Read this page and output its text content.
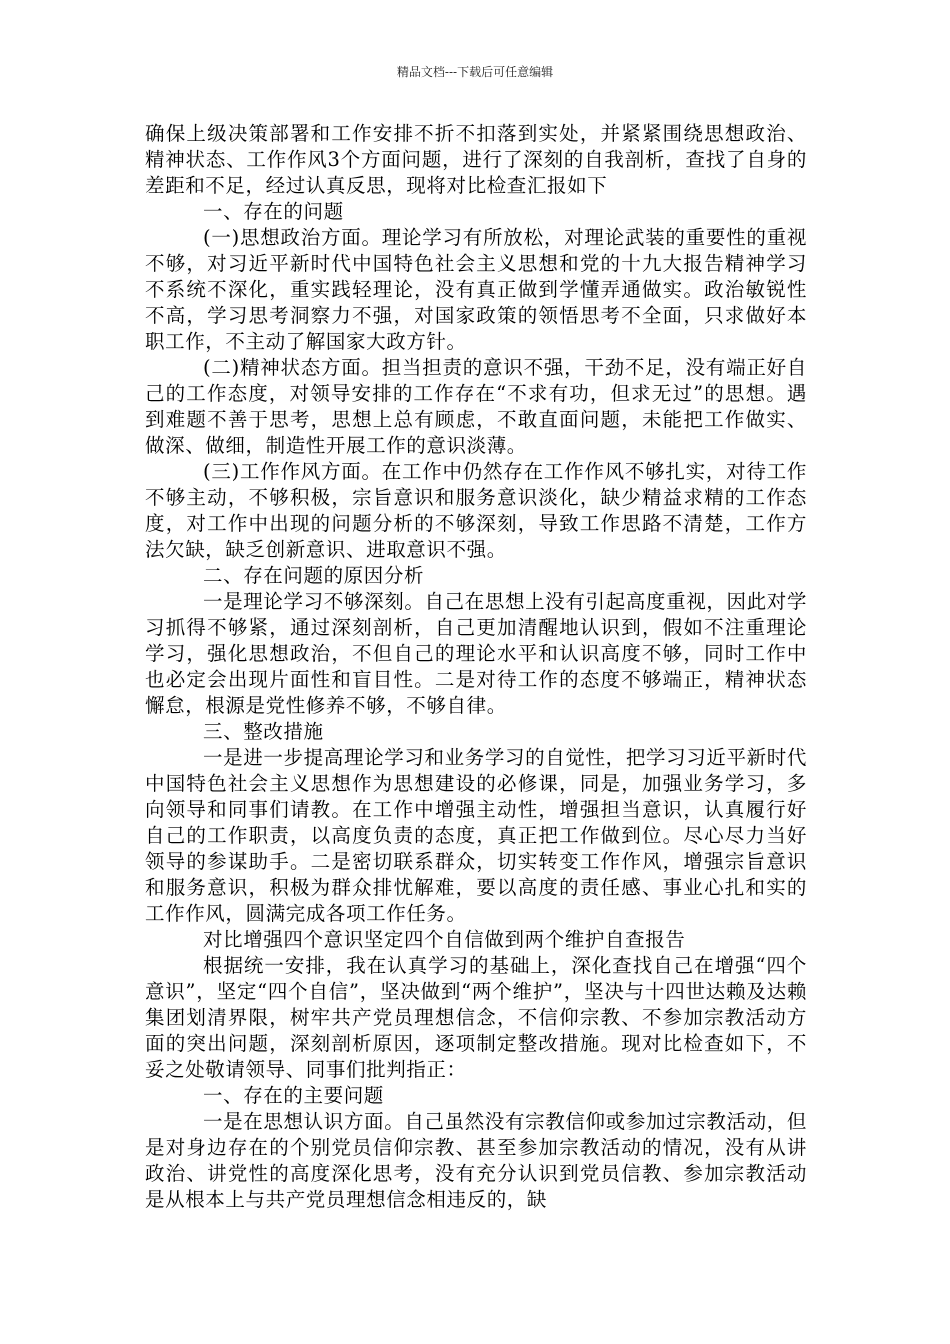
精品文档---下载后可任意编辑

确保上级决策部署和工作安排不折不扣落到实处，并紧紧围绕思想政治、精神状态、工作作风3个方面问题，进行了深刻的自我剖析，查找了自身的差距和不足，经过认真反思，现将对比检查汇报如下

一、存在的问题

(一)思想政治方面。理论学习有所放松，对理论武装的重要性的重视不够，对习近平新时代中国特色社会主义思想和党的十九大报告精神学习不系统不深化，重实践轻理论，没有真正做到学懂弄通做实。政治敏锐性不高，学习思考洞察力不强，对国家政策的领悟思考不全面，只求做好本职工作，不主动了解国家大政方针。

(二)精神状态方面。担当担责的意识不强，干劲不足，没有端正好自己的工作态度，对领导安排的工作存在“不求有功，但求无过”的思想。遇到难题不善于思考，思想上总有顾虑，不敢直面问题，未能把工作做实、做深、做细，制造性开展工作的意识淡薄。

(三)工作作风方面。在工作中仍然存在工作作风不够扎实，对待工作不够主动，不够积极，宗旨意识和服务意识淡化，缺少精益求精的工作态度，对工作中出现的问题分析的不够深刻，导致工作思路不清楚，工作方法欠缺，缺乏创新意识、进取意识不强。

二、存在问题的原因分析

一是理论学习不够深刻。自己在思想上没有引起高度重视，因此对学习抓得不够紧，通过深刻剖析，自己更加清醒地认识到，假如不注重理论学习，强化思想政治，不但自己的理论水平和认识高度不够，同时工作中也必定会出现片面性和盲目性。二是对待工作的态度不够端正，精神状态懈怠，根源是党性修养不够，不够自律。

三、整改措施

一是进一步提高理论学习和业务学习的自觉性，把学习习近平新时代中国特色社会主义思想作为思想建设的必修课，同是，加强业务学习，多向领导和同事们请教。在工作中增强主动性，增强担当意识，认真履行好自己的工作职责，以高度负责的态度，真正把工作做到位。尽心尽力当好领导的参谋助手。二是密切联系群众，切实转变工作作风，增强宗旨意识和服务意识，积极为群众排忧解难，要以高度的责任感、事业心扎和实的工作作风，圆满完成各项工作任务。

对比增强四个意识坚定四个自信做到两个维护自查报告

根据统一安排，我在认真学习的基础上，深化查找自己在增强“四个意识”，坚定“四个自信”，坚决做到“两个维护”，坚决与十四世达赖及达赖集团划清界限，树牢共产党员理想信念，不信仰宗教、不参加宗教活动方面的突出问题，深刻剖析原因，逐项制定整改措施。现对比检查如下，不妥之处敬请领导、同事们批判指正：

一、存在的主要问题

一是在思想认识方面。自己虽然没有宗教信仰或参加过宗教活动，但是对身边存在的个别党员信仰宗教、甚至参加宗教活动的情况，没有从讲政治、讲党性的高度深化思考，没有充分认识到党员信教、参加宗教活动是从根本上与共产党员理想信念相违反的，缺
